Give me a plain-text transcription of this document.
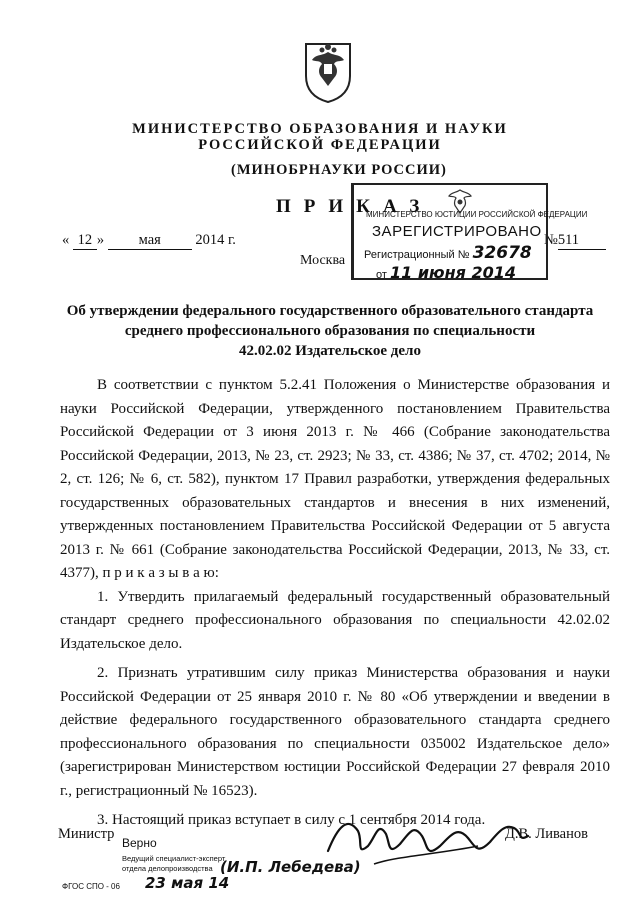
МИНИСТЕРСТВО ОБРАЗОВАНИЯ И НАУКИ
РОССИЙСКОЙ ФЕДЕРАЦИИ
(МИНОБРНАУКИ РОССИИ)
ПРИКАЗ
« 12 » мая 2014 г.
Москва
№511
МИНИСТЕРСТВО ЮСТИЦИИ РОССИЙСКОЙ ФЕДЕРАЦИИ
ЗАРЕГИСТРИРОВАНО
Регистрационный № 32678
от 11 июня 2014
Об утверждении федерального государственного образовательного стандарта
среднего профессионального образования по специальности
42.02.02 Издательское дело

В соответствии с пунктом 5.2.41 Положения о Министерстве образования и науки Российской Федерации, утвержденного постановлением Правительства Российской Федерации от 3 июня 2013 г. № 466 (Собрание законодательства Российской Федерации, 2013, № 23, ст. 2923; № 33, ст. 4386; № 37, ст. 4702; 2014, № 2, ст. 126; № 6, ст. 582), пунктом 17 Правил разработки, утверждения федеральных государственных образовательных стандартов и внесения в них изменений, утвержденных постановлением Правительства Российской Федерации от 5 августа 2013 г. № 661 (Собрание законодательства Российской Федерации, 2013, № 33, ст. 4377), п р и к а з ы в а ю:

1. Утвердить прилагаемый федеральный государственный образовательный стандарт среднего профессионального образования по специальности 42.02.02 Издательское дело.

2. Признать утратившим силу приказ Министерства образования и науки Российской Федерации от 25 января 2010 г. № 80 «Об утверждении и введении в действие федерального государственного образовательного стандарта среднего профессионального образования по специальности 035002 Издательское дело» (зарегистрирован Министерством юстиции Российской Федерации 27 февраля 2010 г., регистрационный № 16523).

3. Настоящий приказ вступает в силу с 1 сентября 2014 года.

Министр
Верно
Ведущий специалист-эксперт
отдела делопроизводства (И.П. Лебедева)
23 мая 14
ФГОС СПО - 06
Д.В. Ливанов
